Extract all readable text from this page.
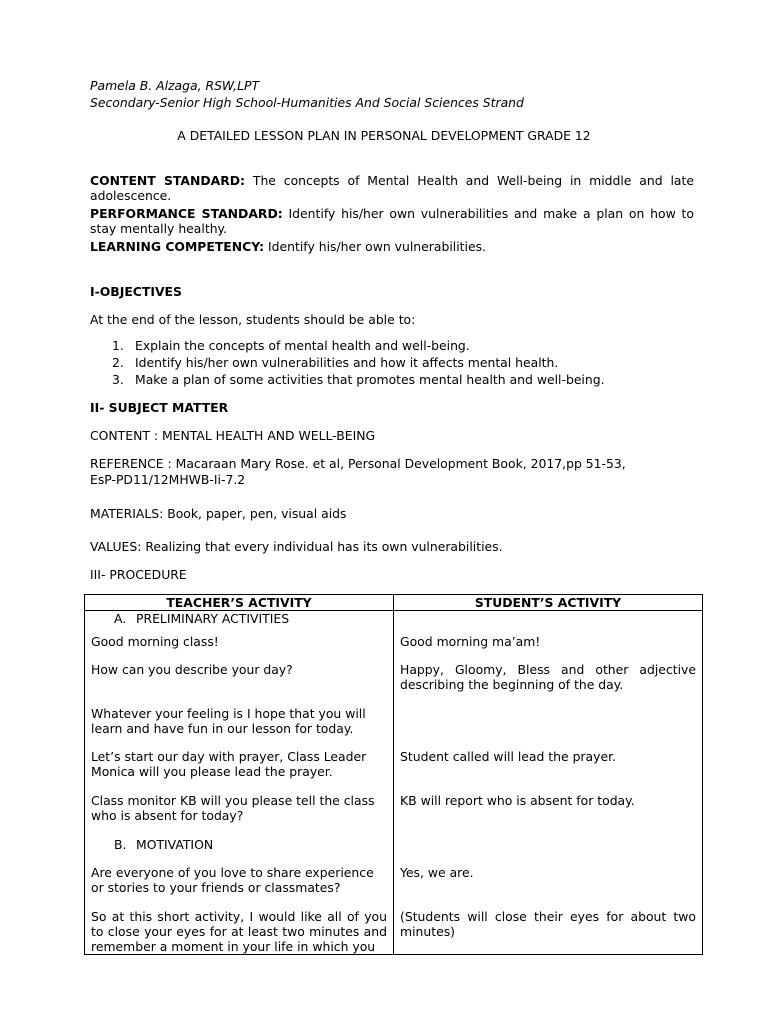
Pamela B. Alzaga, RSW,LPT

Secondary-Senior High School-Humanities And Social Sciences Strand

A DETAILED LESSON PLAN IN PERSONAL DEVELOPMENT GRADE 12

CONTENT STANDARD: The concepts of Mental Health and Well-being in middle and late adolescence.
PERFORMANCE STANDARD: Identify his/her own vulnerabilities and make a plan on how to stay mentally healthy.
LEARNING COMPETENCY: Identify his/her own vulnerabilities.

I-OBJECTIVES

At the end of the lesson, students should be able to:

1. Explain the concepts of mental health and well-being.
2. Identify his/her own vulnerabilities and how it affects mental health.
3. Make a plan of some activities that promotes mental health and well-being.

II- SUBJECT MATTER

CONTENT : MENTAL HEALTH AND WELL-BEING

REFERENCE : Macaraan Mary Rose. et al, Personal Development Book, 2017,pp 51-53,

EsP-PD11/12MHWB-Ii-7.2

MATERIALS: Book, paper, pen, visual aids

VALUES: Realizing that every individual has its own vulnerabilities.

III- PROCEDURE

TEACHER’S ACTIVITY	STUDENT’S ACTIVITY

A. PRELIMINARY ACTIVITIES	

Good morning class!	Good morning ma’am!
How can you describe your day?	Happy, Gloomy, Bless and other adjective describing the beginning of the day.
Whatever your feeling is I hope that you will learn and have fun in our lesson for today.	
Let’s start our day with prayer, Class Leader Monica will you please lead the prayer.	Student called will lead the prayer.
Class monitor KB will you please tell the class who is absent for today?	KB will report who is absent for today.

B. MOTIVATION	

Are everyone of you love to share experience or stories to your friends or classmates?	Yes, we are.

So at this short activity, I would like all of you to close your eyes for at least two minutes and remember a moment in your life in which you	(Students will close their eyes for about two minutes)
